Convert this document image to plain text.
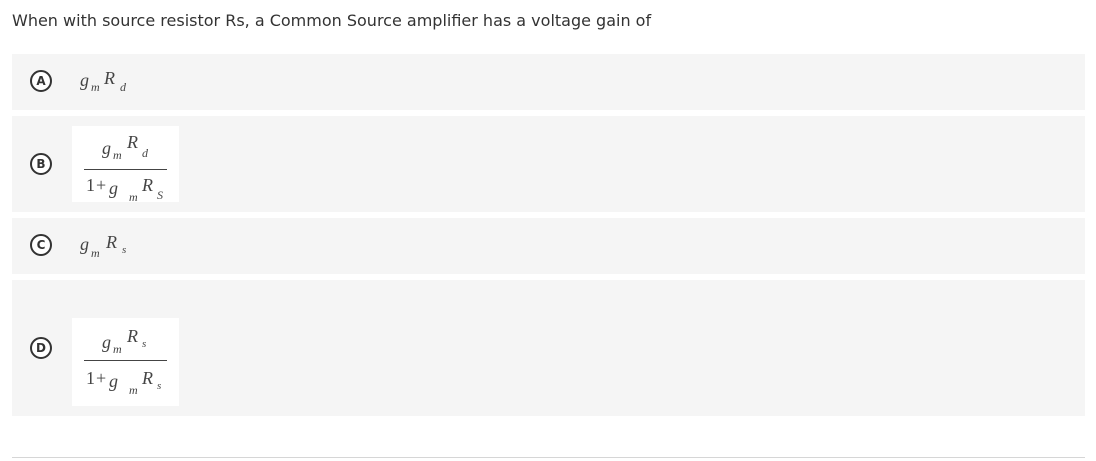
When with source resistor Rs, a Common Source amplifier has a voltage gain of
A	g m R d
B
g m
R
d
1 + g m
R S
C	g m
R s
D	g m
R s
1 + g m
R s
